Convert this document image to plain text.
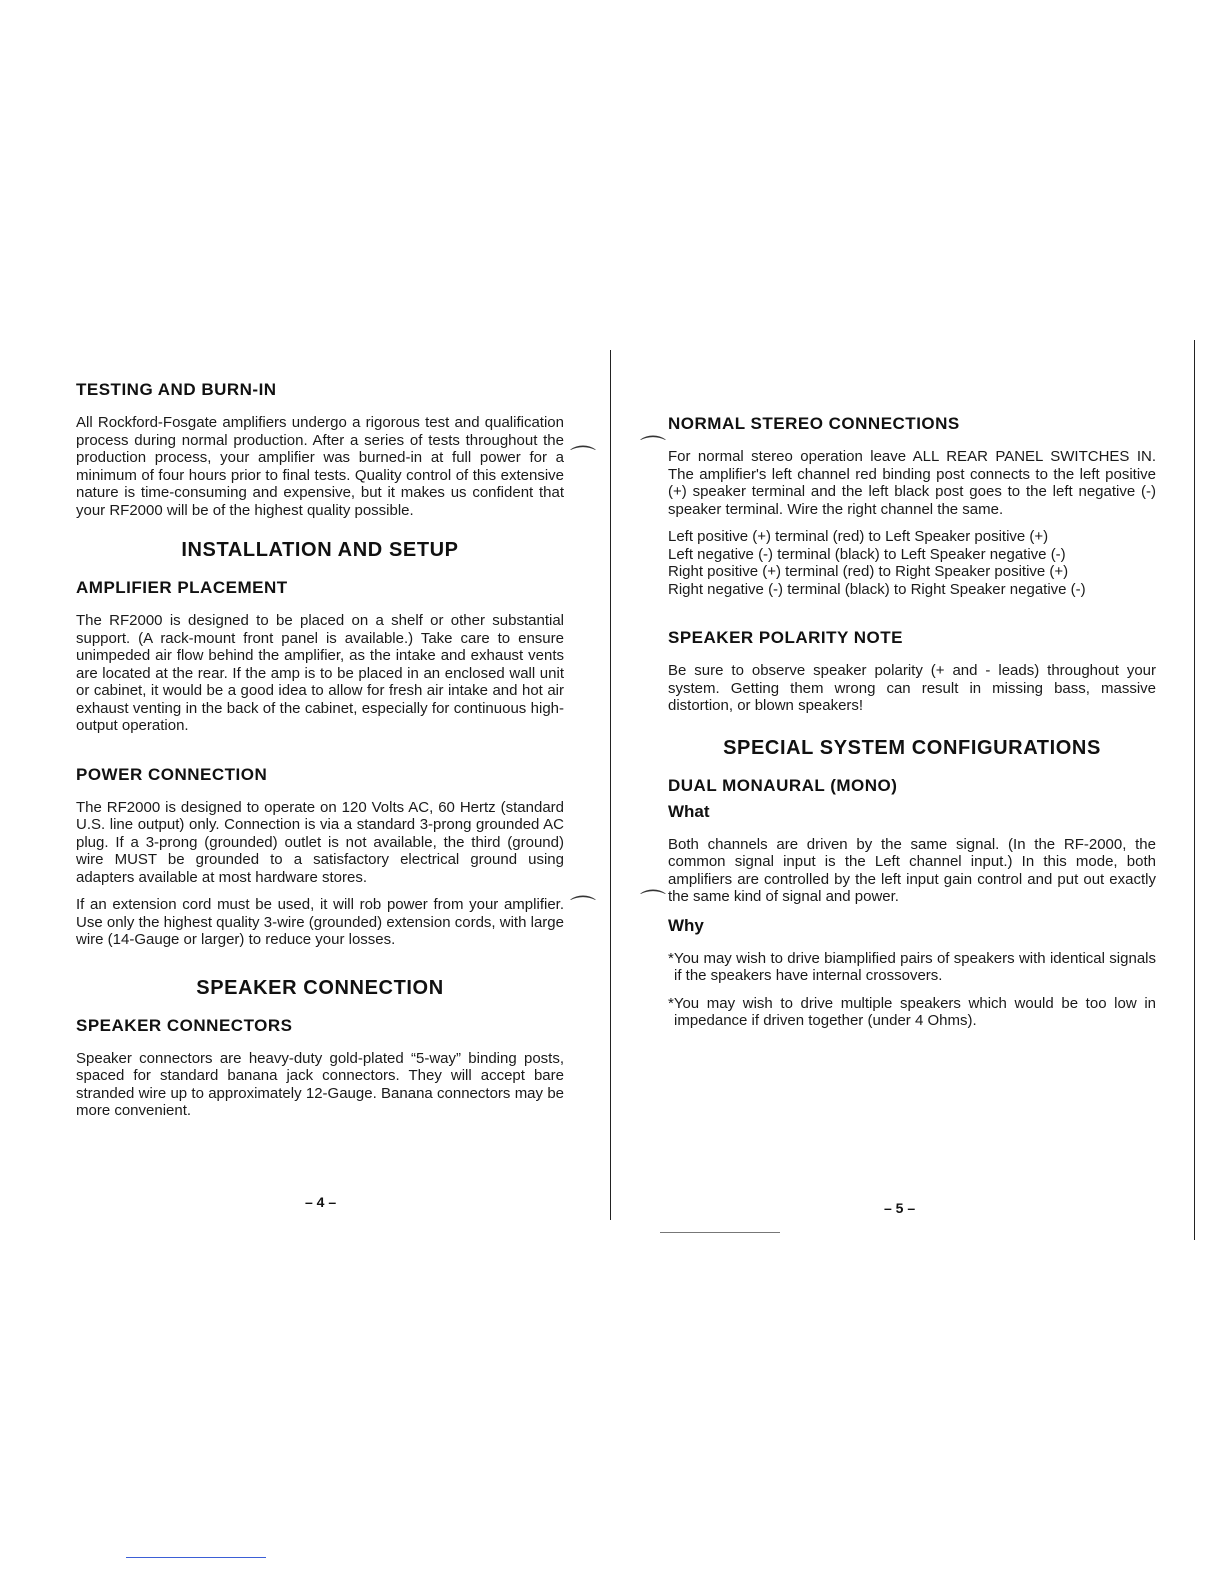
TESTING AND BURN-IN

All Rockford-Fosgate amplifiers undergo a rigorous test and qualification process during normal production. After a series of tests throughout the production process, your amplifier was burned-in at full power for a minimum of four hours prior to final tests. Quality control of this extensive nature is time-consuming and expensive, but it makes us confident that your RF2000 will be of the highest quality possible.

INSTALLATION AND SETUP
AMPLIFIER PLACEMENT

The RF2000 is designed to be placed on a shelf or other substantial support. (A rack-mount front panel is available.) Take care to ensure unimpeded air flow behind the amplifier, as the intake and exhaust vents are located at the rear. If the amp is to be placed in an enclosed wall unit or cabinet, it would be a good idea to allow for fresh air intake and hot air exhaust venting in the back of the cabinet, especially for continuous high-output operation.

POWER CONNECTION

The RF2000 is designed to operate on 120 Volts AC, 60 Hertz (standard U.S. line output) only. Connection is via a standard 3-prong grounded AC plug. If a 3-prong (grounded) outlet is not available, the third (ground) wire MUST be grounded to a satisfactory electrical ground using adapters available at most hardware stores.

If an extension cord must be used, it will rob power from your amplifier. Use only the highest quality 3-wire (grounded) extension cords, with large wire (14-Gauge or larger) to reduce your losses.

SPEAKER CONNECTION
SPEAKER CONNECTORS

Speaker connectors are heavy-duty gold-plated “5-way” binding posts, spaced for standard banana jack connectors. They will accept bare stranded wire up to approximately 12-Gauge. Banana connectors may be more convenient.

– 4 –
NORMAL STEREO CONNECTIONS

For normal stereo operation leave ALL REAR PANEL SWITCHES IN. The amplifier's left channel red binding post connects to the left positive (+) speaker terminal and the left black post goes to the left negative (-) speaker terminal. Wire the right channel the same.

Left positive (+) terminal (red) to Left Speaker positive (+)

Left negative (-) terminal (black) to Left Speaker negative (-)

Right positive (+) terminal (red) to Right Speaker positive (+)

Right negative (-) terminal (black) to Right Speaker negative (-)

SPEAKER POLARITY NOTE

Be sure to observe speaker polarity (+ and - leads) throughout your system. Getting them wrong can result in missing bass, massive distortion, or blown speakers!

SPECIAL SYSTEM CONFIGURATIONS
DUAL MONAURAL (MONO)
What

Both channels are driven by the same signal. (In the RF-2000, the common signal input is the Left channel input.) In this mode, both amplifiers are controlled by the left input gain control and put out exactly the same kind of signal and power.

Why

*You may wish to drive biamplified pairs of speakers with identical signals if the speakers have internal crossovers.

*You may wish to drive multiple speakers which would be too low in impedance if driven together (under 4 Ohms).

– 5 –
⌒
⌒
⌒
⌒
